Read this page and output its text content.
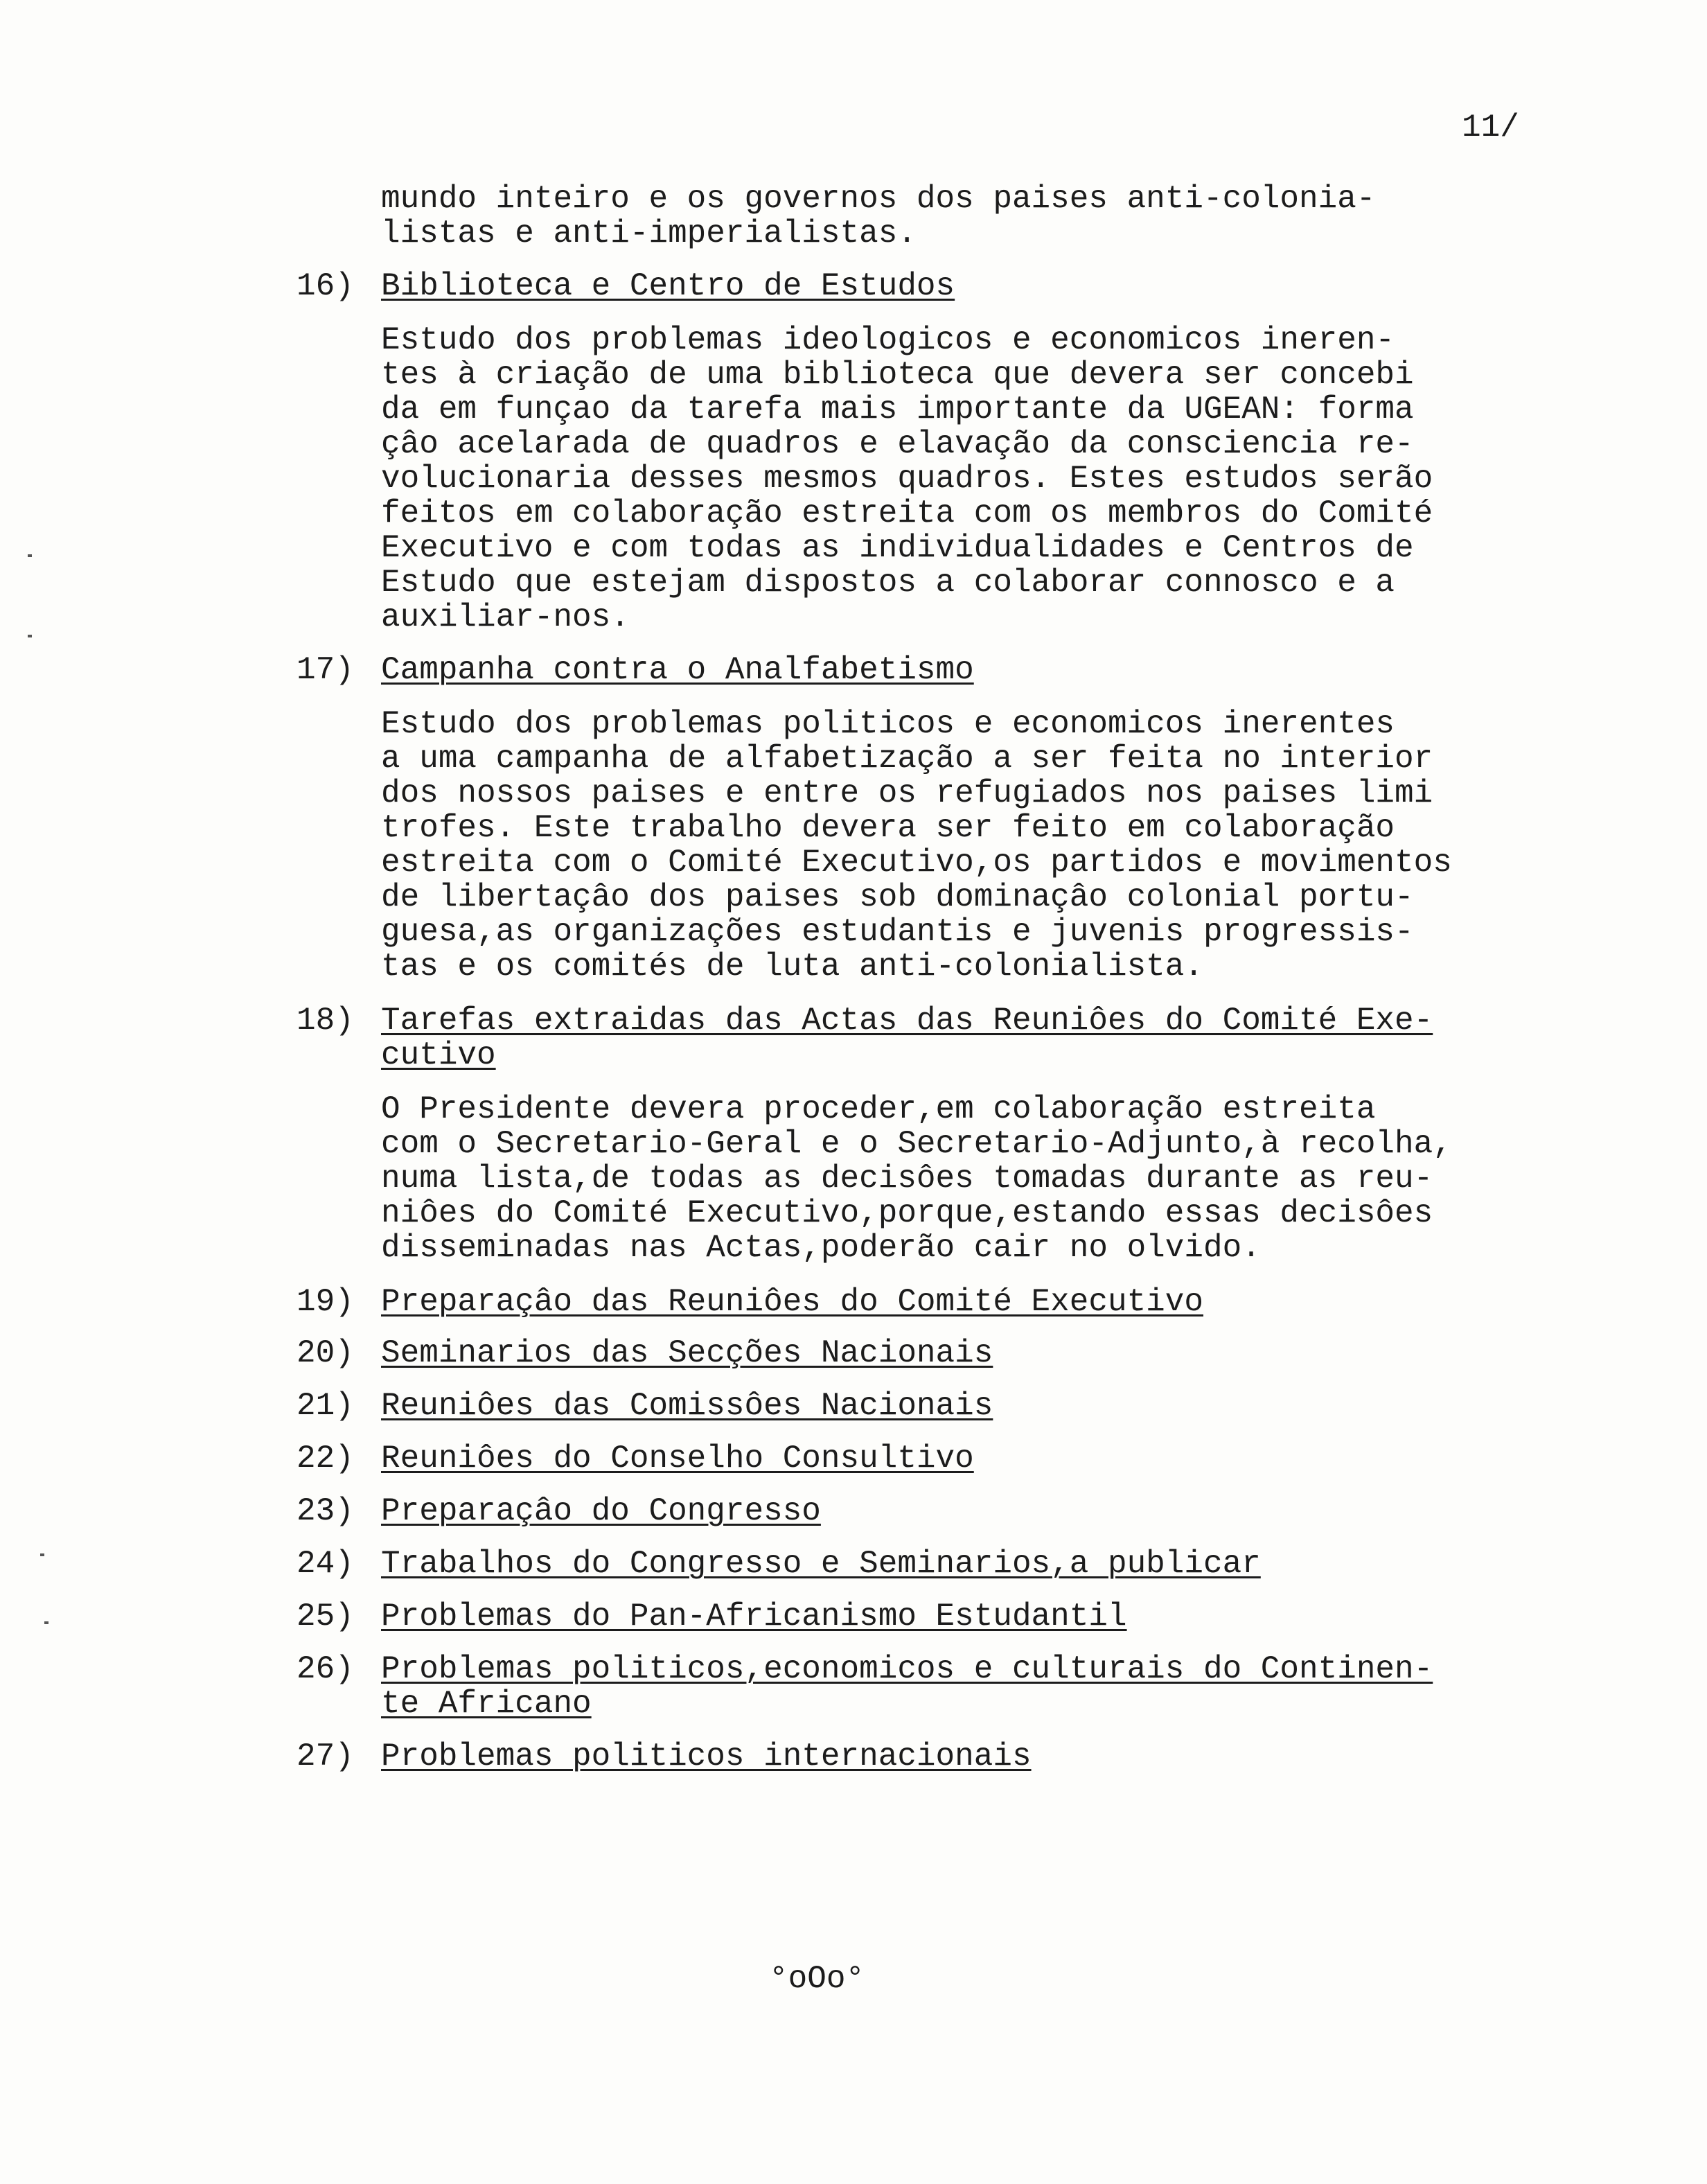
11/
mundo inteiro e os governos dos paises anti-colonia-
listas e anti-imperialistas.
16) Biblioteca e Centro de Estudos
Estudo dos problemas ideologicos e economicos ineren-
tes à criação de uma biblioteca que devera ser concebi
da em funçao da tarefa mais importante da UGEAN: forma
çâo acelarada de quadros e elavação da consciencia re-
volucionaria desses mesmos quadros. Estes estudos serão
feitos em colaboração estreita com os membros do Comité
Executivo e com todas as individualidades e Centros de
Estudo que estejam dispostos a colaborar connosco e a
auxiliar-nos.
17) Campanha contra o Analfabetismo
Estudo dos problemas politicos e economicos inerentes
a uma campanha de alfabetização a ser feita no interior
dos nossos paises e entre os refugiados nos paises limi
trofes. Este trabalho devera ser feito em colaboração
estreita com o Comité Executivo,os partidos e movimentos
de libertaçâo dos paises sob dominaçâo colonial portu-
guesa,as organizações estudantis e juvenis progressis-
tas e os comités de luta anti-colonialista.
18) Tarefas extraidas das Actas das Reuniôes do Comité Exe-
cutivo
O Presidente devera proceder,em colaboração estreita
com o Secretario-Geral e o Secretario-Adjunto,à recolha,
numa lista,de todas as decisôes tomadas durante as reu-
niôes do Comité Executivo,porque,estando essas decisôes
disseminadas nas Actas,poderão cair no olvido.
19) Preparaçâo das Reuniôes do Comité Executivo
20) Seminarios das Secções Nacionais
21) Reuniôes das Comissôes Nacionais
22) Reuniôes do Conselho Consultivo
23) Preparaçâo do Congresso
24) Trabalhos do Congresso e Seminarios,a publicar
25) Problemas do Pan-Africanismo Estudantil
26) Problemas politicos,economicos e culturais do Continen-
te Africano
27) Problemas politicos internacionais
°oOo°
